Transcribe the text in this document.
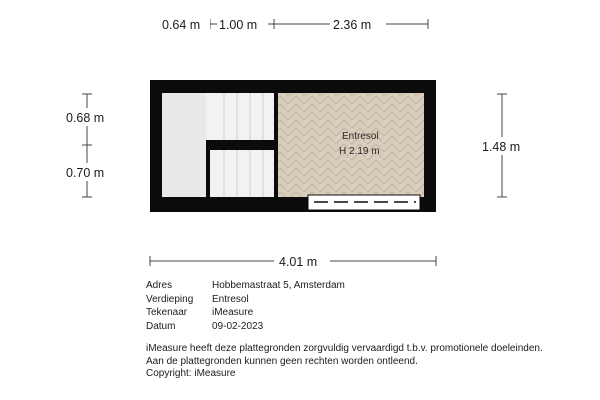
0.64 m 1.00 m	2.36 m
0.68 m
0.70 m
1.48 m
4.01 m
Entresol
H 2.19 m
Adres	Hobbemastraat 5, Amsterdam
Verdieping	Entresol
Tekenaar	iMeasure
Datum	09-02-2023
iMeasure heeft deze plattegronden zorgvuldig vervaardigd t.b.v. promotionele doeleinden.
Aan de plattegronden kunnen geen rechten worden ontleend.
Copyright: iMeasure
